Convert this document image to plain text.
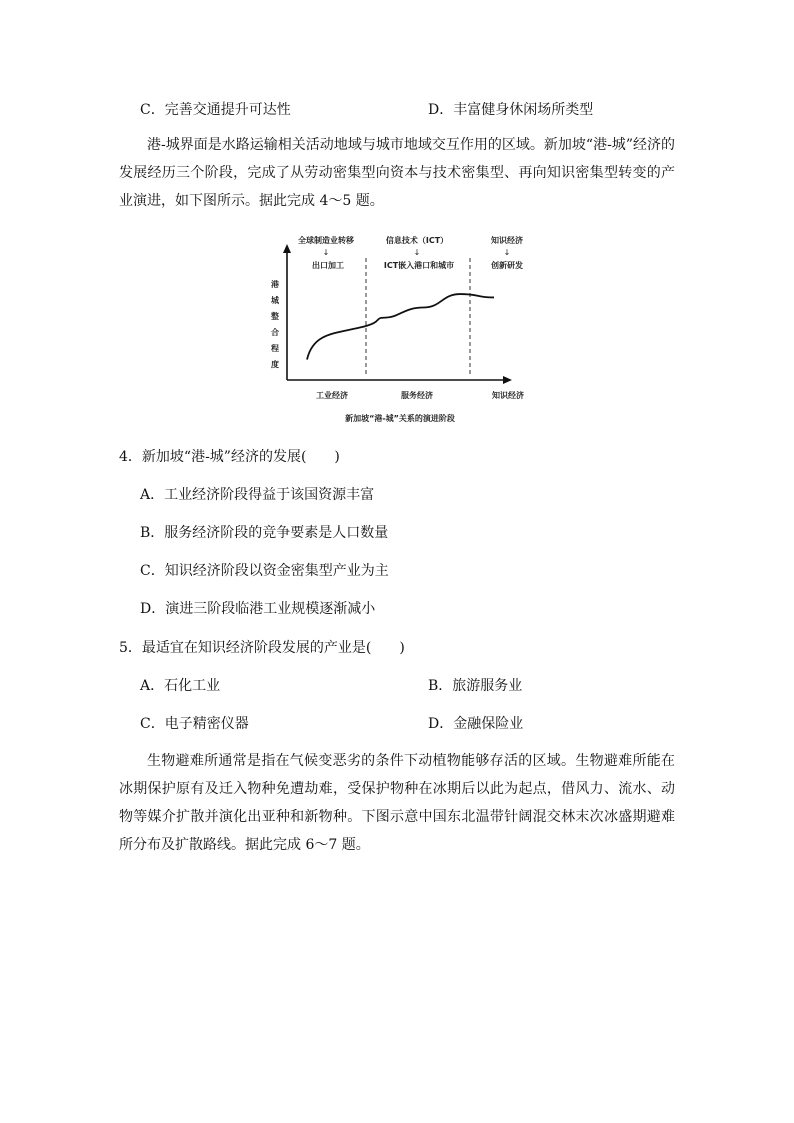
C．完善交通提升可达性	D．丰富健身休闲场所类型
港-城界面是水路运输相关活动地域与城市地域交互作用的区域。新加坡“港-城”经济的发展经历三个阶段，完成了从劳动密集型向资本与技术密集型、再向知识密集型转变的产业演进，如下图所示。据此完成 4～5 题。
港
城
整
合
程
度
全球制造业转移
↓
出口加工
信息技术（ICT）
↓
ICT嵌入港口和城市
知识经济
↓
创新研发
工业经济	服务经济	知识经济
新加坡“港-城”关系的演进阶段
4．新加坡“港-城”经济的发展(　　)
A．工业经济阶段得益于该国资源丰富
B．服务经济阶段的竞争要素是人口数量
C．知识经济阶段以资金密集型产业为主
D．演进三阶段临港工业规模逐渐减小
5．最适宜在知识经济阶段发展的产业是(　　)
A．石化工业	B．旅游服务业
C．电子精密仪器	D．金融保险业
生物避难所通常是指在气候变恶劣的条件下动植物能够存活的区域。生物避难所能在冰期保护原有及迁入物种免遭劫难，受保护物种在冰期后以此为起点，借风力、流水、动物等媒介扩散并演化出亚种和新物种。下图示意中国东北温带针阔混交林末次冰盛期避难所分布及扩散路线。据此完成 6～7 题。
